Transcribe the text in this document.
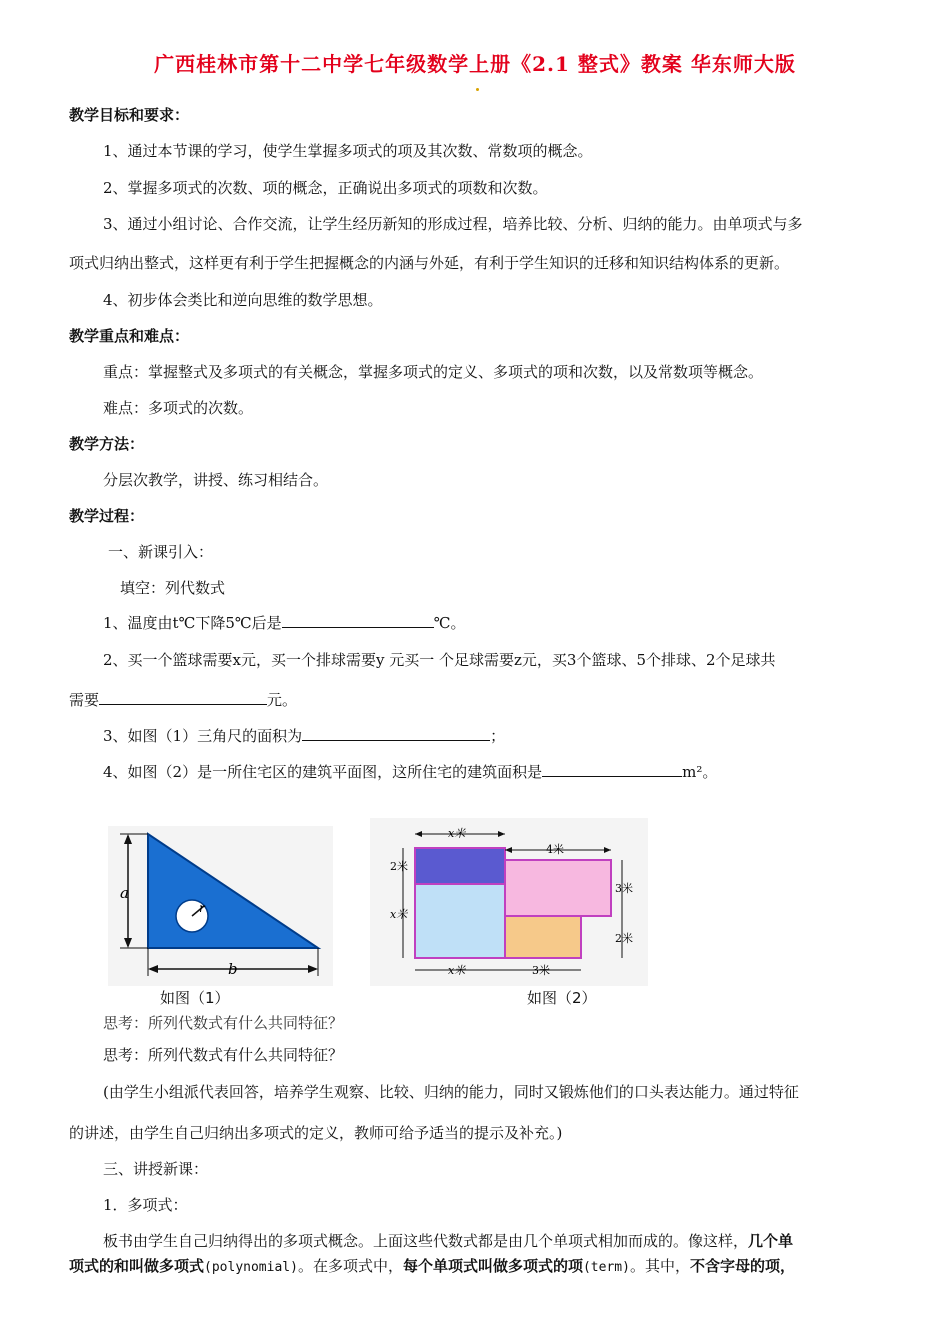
广西桂林市第十二中学七年级数学上册《2.1 整式》教案 华东师大版
教学目标和要求：
1、通过本节课的学习，使学生掌握多项式的项及其次数、常数项的概念。
2、掌握多项式的次数、项的概念，正确说出多项式的项数和次数。
3、通过小组讨论、合作交流，让学生经历新知的形成过程，培养比较、分析、归纳的能力。由单项式与多
项式归纳出整式，这样更有利于学生把握概念的内涵与外延，有利于学生知识的迁移和知识结构体系的更新。
4、初步体会类比和逆向思维的数学思想。
教学重点和难点：
重点：掌握整式及多项式的有关概念，掌握多项式的定义、多项式的项和次数，以及常数项等概念。
难点：多项式的次数。
教学方法：
分层次教学，讲授、练习相结合。
教学过程：
一、新课引入：
填空：列代数式
1、温度由t℃下降5℃后是	℃。
2、买一个篮球需要x元，买一个排球需要y 元买一 个足球需要z元，买3个篮球、5个排球、2个足球共
需要	元。
3、如图（1）三角尺的面积为	；
4、如图（2）是一所住宅区的建筑平面图，这所住宅的建筑面积是	m²。
r
a
b
如图（1）
x米
4米
2米
x米
3米
2米
x米	3米
如图（2）
思考：所列代数式有什么共同特征？
思考：所列代数式有什么共同特征？
(由学生小组派代表回答，培养学生观察、比较、归纳的能力，同时又锻炼他们的口头表达能力。通过特征
的讲述，由学生自己归纳出多项式的定义，教师可给予适当的提示及补充。)
三、讲授新课：
1．多项式：
板书由学生自己归纳得出的多项式概念。上面这些代数式都是由几个单项式相加而成的。像这样，几个单
项式的和叫做多项式(polynomial)。在多项式中，每个单项式叫做多项式的项(term)。其中，不含字母的项，
